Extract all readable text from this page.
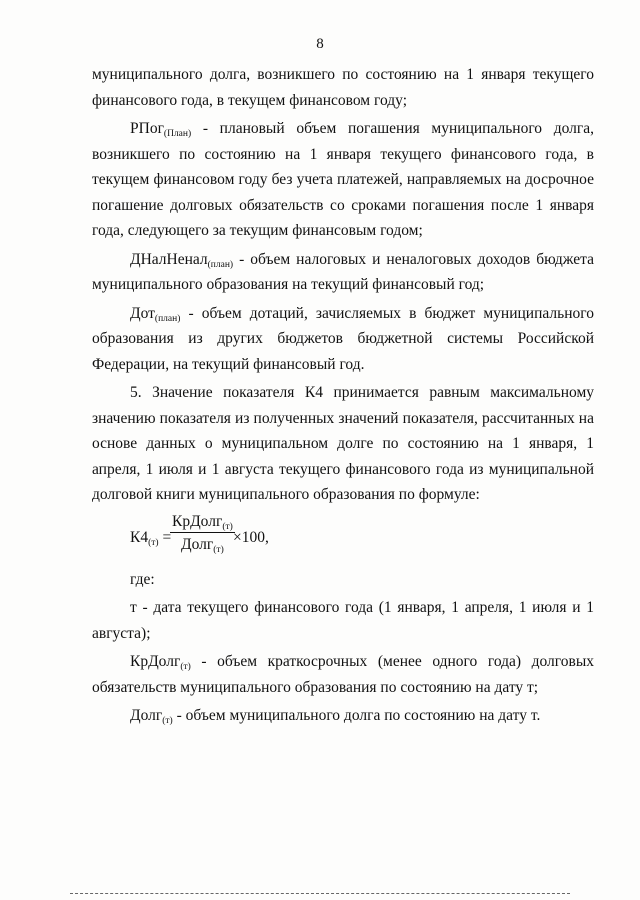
8

муниципального долга, возникшего по состоянию на 1 января текущего финансового года, в текущем финансовом году;

РПог$_{(План)}$ - плановый объем погашения муниципального долга, возникшего по состоянию на 1 января текущего финансового года, в текущем финансовом году без учета платежей, направляемых на досрочное погашение долговых обязательств со сроками погашения после 1 января года, следующего за текущим финансовым годом;

ДНалНенал$_{(план)}$ - объем налоговых и неналоговых доходов бюджета муниципального образования на текущий финансовый год;

Дот$_{(план)}$ - объем дотаций, зачисляемых в бюджет муниципального образования из других бюджетов бюджетной системы Российской Федерации, на текущий финансовый год.

5. Значение показателя К4 принимается равным максимальному значению показателя из полученных значений показателя, рассчитанных на основе данных о муниципальном долге по состоянию на 1 января, 1 апреля, 1 июля и 1 августа текущего финансового года из муниципальной долговой книги муниципального образования по формуле:

$К4_{(т)}$ =
КрДолг$_{(т)}$
Долг$_{(т)}$
×100,

где:

т - дата текущего финансового года (1 января, 1 апреля, 1 июля и 1 августа);

КрДолг$_{(т)}$ - объем краткосрочных (менее одного года) долговых обязательств муниципального образования по состоянию на дату т;

Долг$_{(т)}$ - объем муниципального долга по состоянию на дату т.
